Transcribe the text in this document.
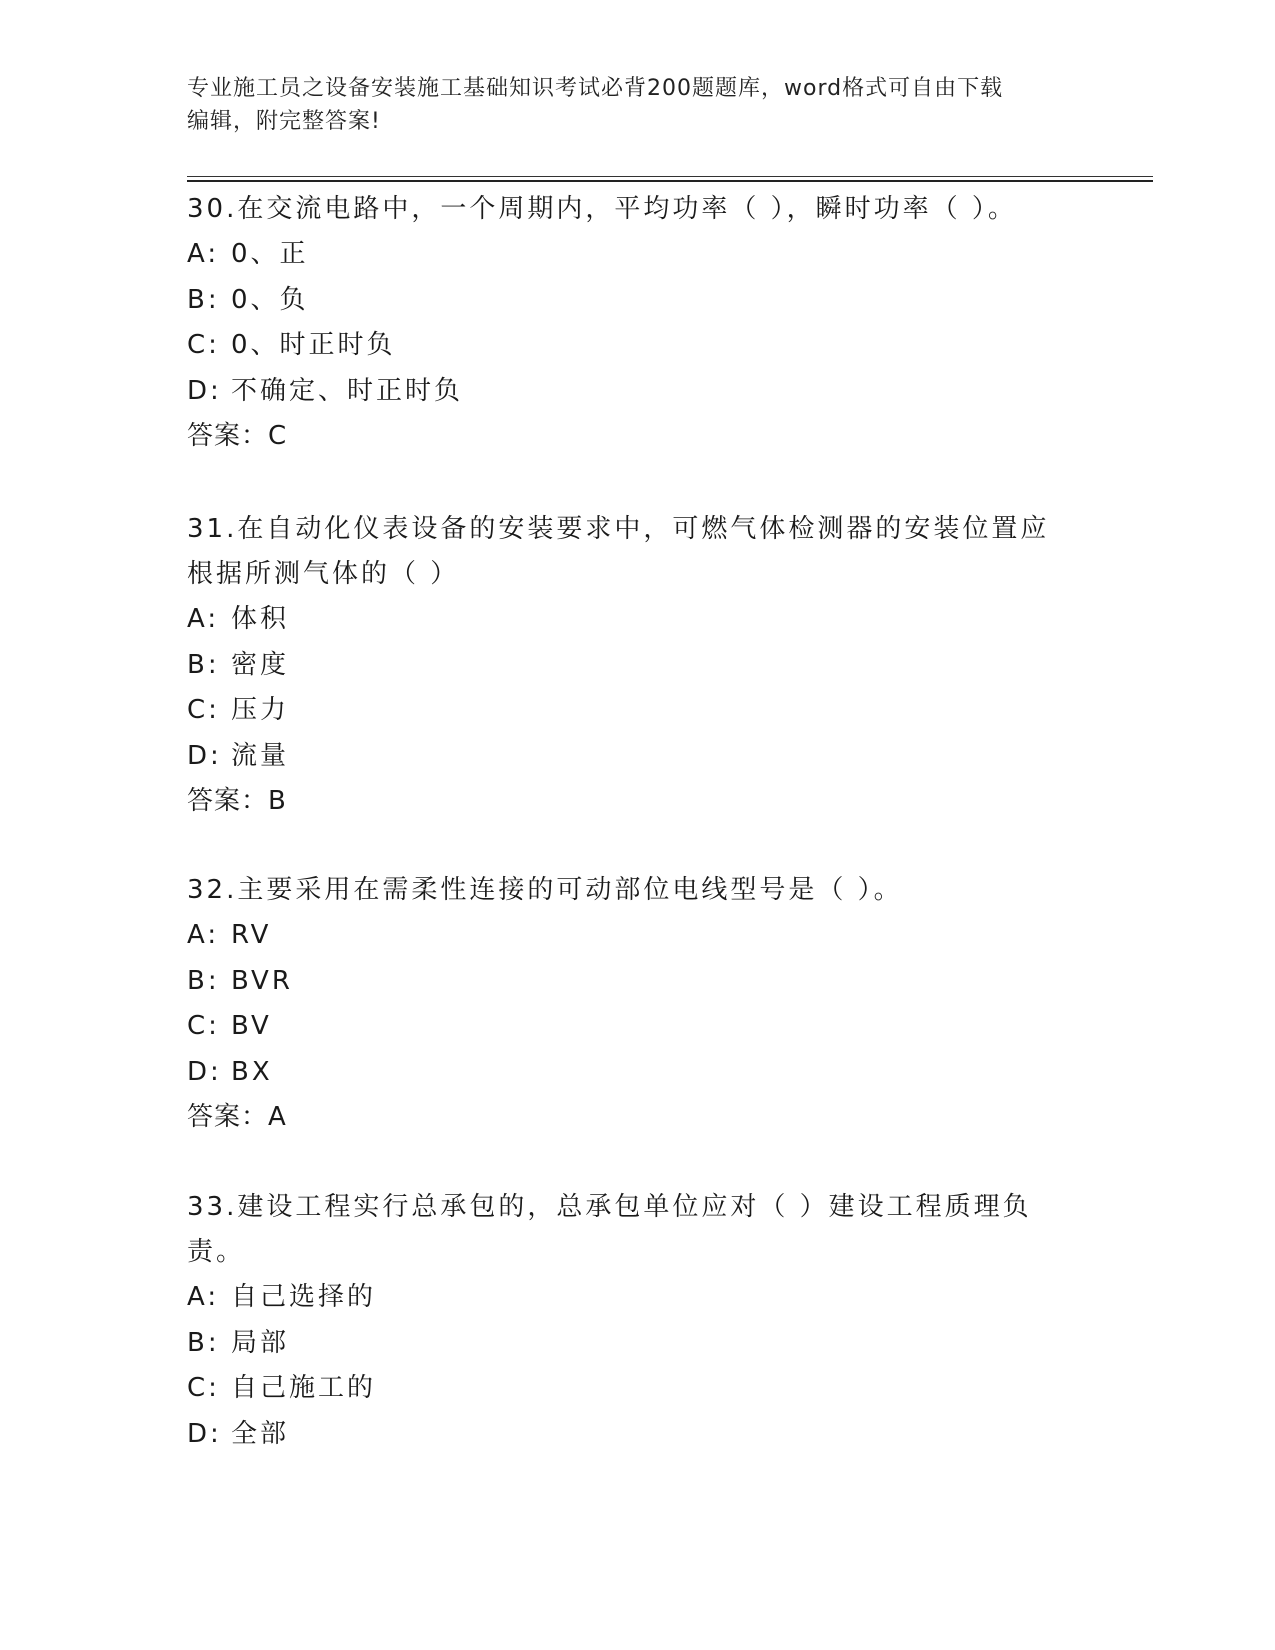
专业施工员之设备安装施工基础知识考试必背200题题库，word格式可自由下载
编辑，附完整答案!

30.在交流电路中，一个周期内，平均功率（ ），瞬时功率（ ）。

A: 0、正

B: 0、负

C: 0、时正时负

D: 不确定、时正时负

答案：C

31.在自动化仪表设备的安装要求中，可燃气体检测器的安装位置应根据所测气体的（ ）

A: 体积

B: 密度

C: 压力

D: 流量

答案：B

32.主要采用在需柔性连接的可动部位电线型号是（ ）。

A: RV

B: BVR

C: BV

D: BX

答案：A

33.建设工程实行总承包的，总承包单位应对（ ）建设工程质理负责。

A: 自己选择的

B: 局部

C: 自己施工的

D: 全部
